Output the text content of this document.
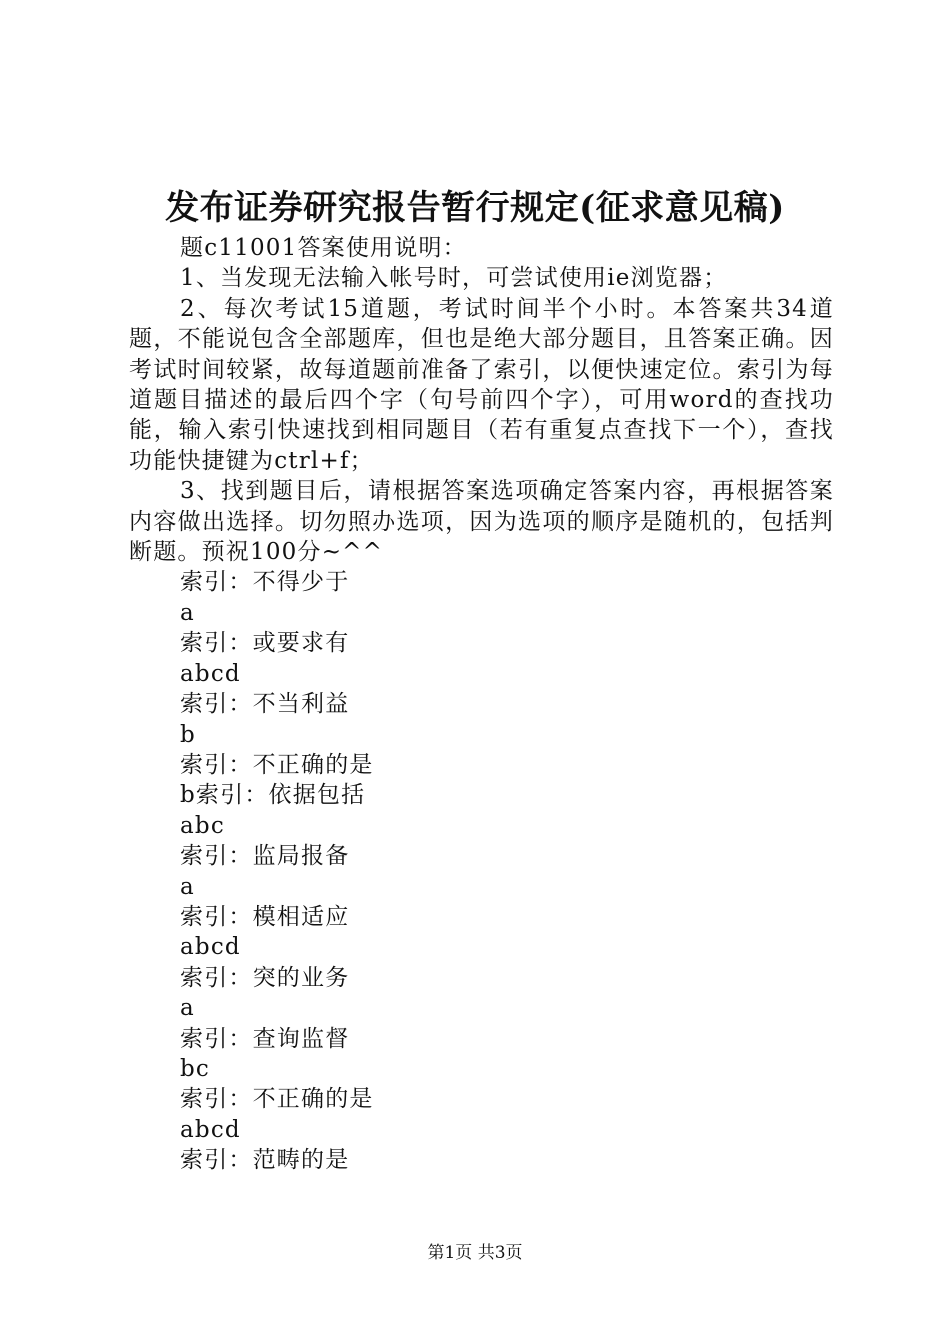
发布证券研究报告暂行规定(征求意见稿)

题c11001答案使用说明：

1、当发现无法输入帐号时，可尝试使用ie浏览器；

2、每次考试15道题，考试时间半个小时。本答案共34道题，不能说包含全部题库，但也是绝大部分题目，且答案正确。因考试时间较紧，故每道题前准备了索引，以便快速定位。索引为每道题目描述的最后四个字（句号前四个字），可用word的查找功能，输入索引快速找到相同题目（若有重复点查找下一个），查找功能快捷键为ctrl+f；

3、找到题目后，请根据答案选项确定答案内容，再根据答案内容做出选择。切勿照办选项，因为选项的顺序是随机的，包括判断题。预祝100分~^^

索引：不得少于

a

索引：或要求有

abcd

索引：不当利益

b

索引：不正确的是

b索引：依据包括

abc

索引：监局报备

a

索引：模相适应

abcd

索引：突的业务

a

索引：查询监督

bc

索引：不正确的是

abcd

索引：范畴的是

第1页 共3页
